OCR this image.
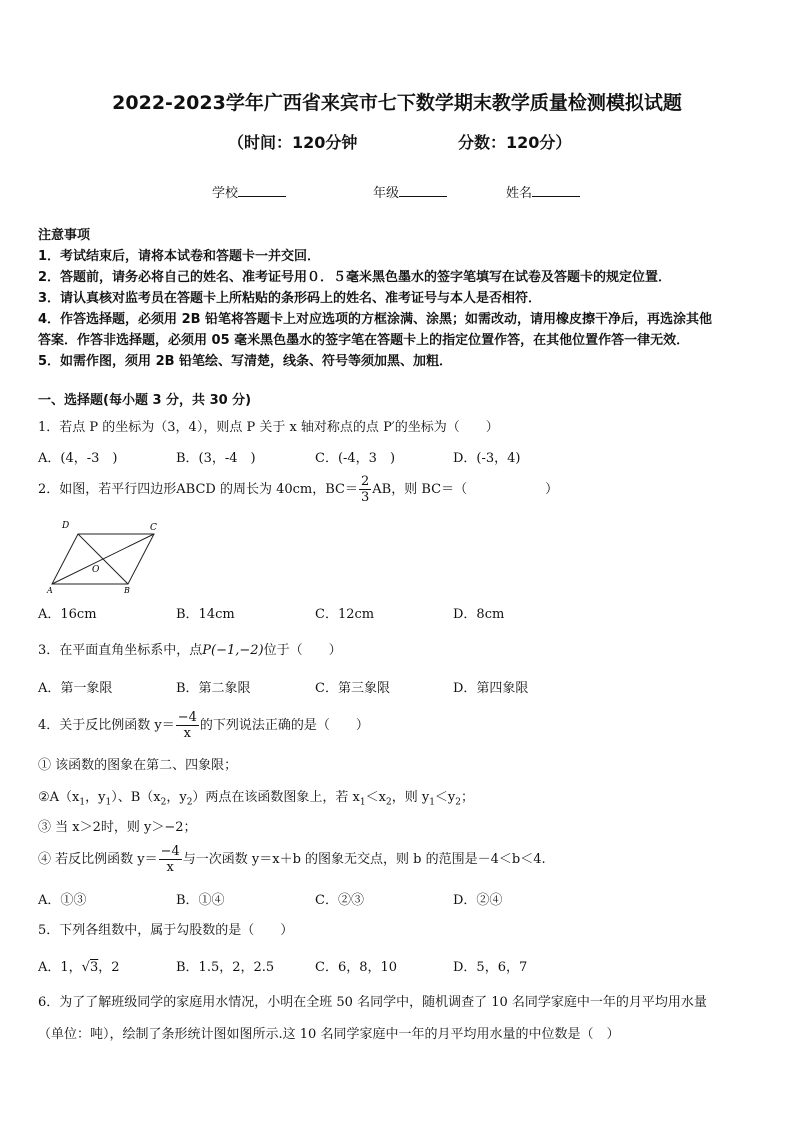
2022-2023学年广西省来宾市七下数学期末教学质量检测模拟试题
（时间：120分钟	分数：120分）
学校	年级	姓名
注意事项
1．考试结束后，请将本试卷和答题卡一并交回．
2．答题前，请务必将自己的姓名、准考证号用０．５毫米黑色墨水的签字笔填写在试卷及答题卡的规定位置．
3．请认真核对监考员在答题卡上所粘贴的条形码上的姓名、准考证号与本人是否相符．
4．作答选择题，必须用 2B 铅笔将答题卡上对应选项的方框涂满、涂黑；如需改动，请用橡皮擦干净后，再选涂其他
答案．作答非选择题，必须用 05 毫米黑色墨水的签字笔在答题卡上的指定位置作答，在其他位置作答一律无效．
5．如需作图，须用 2B 铅笔绘、写清楚，线条、符号等须加黑、加粗．
一、选择题(每小题 3 分，共 30 分)
1．若点 P 的坐标为（3，4），则点 P 关于 x 轴对称点的点 P′的坐标为（　　）
A．(4，-3　)	B．(3，-4　)	C．(-4，3　)	D．(-3，4)
2．如图，若平行四边形ABCD 的周长为 40cm，$BC= \frac{2}{3}$ AB，则 BC＝（　　　　　　）
D	C
A	B
O
A．16cm	B．14cm	C．12cm	D．8cm
3．在平面直角坐标系中，点P(−1,−2)位于（　　）
A．第一象限	B．第二象限	C．第三象限	D．第四象限
4．关于反比例函数 $y= \frac{-4}{x}$ 的下列说法正确的是（　　）
① 该函数的图象在第二、四象限；
$②A(x_1$，$y_1$）、$B(x_2$，$y_2$）两点在该函数图象上，若 $x_1<x_2$，则 $y_1<y_2$；
③ 当 x＞2时，则 y＞−2；
④ 若反比例函数 $y= \frac{-4}{x}$ 与一次函数 y＝x＋b 的图象无交点，则 b 的范围是－4＜b＜4.
A．①③	B．①④	C．②③	D．②④
5．下列各组数中，属于勾股数的是（　　）
A．1，√3，2	B．1.5，2，2.5	C．6，8，10	D．5，6，7
6．为了了解班级同学的家庭用水情况，小明在全班 50 名同学中，随机调查了 10 名同学家庭中一年的月平均用水量
（单位：吨），绘制了条形统计图如图所示.这 10 名同学家庭中一年的月平均用水量的中位数是（　）
